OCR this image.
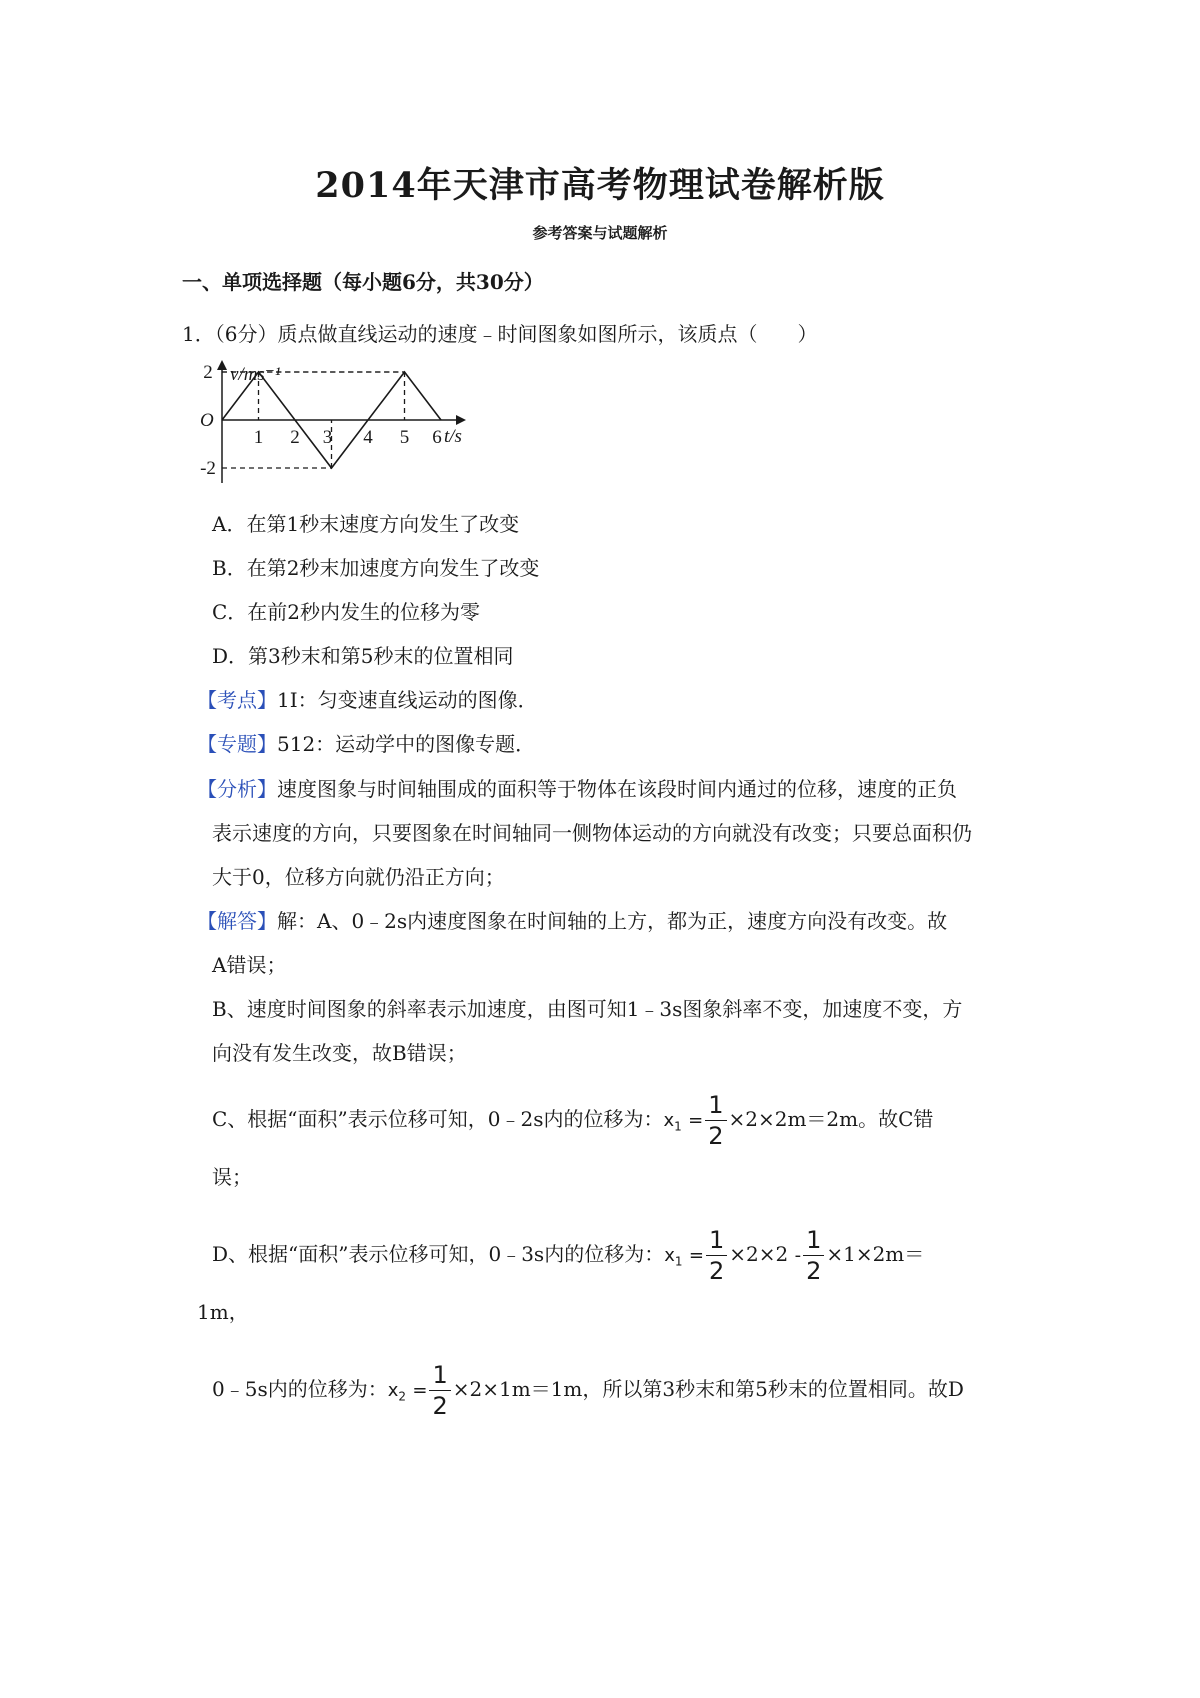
2014年天津市高考物理试卷解析版
参考答案与试题解析
一、单项选择题（每小题6分，共30分）
1．（6分）质点做直线运动的速度﹣时间图象如图所示，该质点（　　）
1 2 3 4 5 6
2
-2
v/ms⁻¹
t/s
O
A．在第1秒末速度方向发生了改变
B．在第2秒末加速度方向发生了改变
C．在前2秒内发生的位移为零
D．第3秒末和第5秒末的位置相同
【考点】1I：匀变速直线运动的图像．
【专题】512：运动学中的图像专题．
【分析】速度图象与时间轴围成的面积等于物体在该段时间内通过的位移，速度的正负
表示速度的方向，只要图象在时间轴同一侧物体运动的方向就没有改变；只要总面积仍
大于0，位移方向就仍沿正方向；
【解答】解：A、0﹣2s内速度图象在时间轴的上方，都为正，速度方向没有改变。故
A错误；
B、速度时间图象的斜率表示加速度，由图可知1﹣3s图象斜率不变，加速度不变，方
向没有发生改变，故B错误；
C、根据“面积”表示位移可知，0﹣2s内的位移为：$x_1 = \frac{1}{2} \times 2\times 2m=2m$。故C错
误；
D、根据“面积”表示位移可知，0﹣3s内的位移为：$x_1 = \frac{1}{2} \times 2\times 2 - \frac{1}{2} \times 1\times 2m=$
1m，
0﹣5s内的位移为：$x_2 = \frac{1}{2} \times 2\times 1m=1m$，所以第3秒末和第5秒末的位置相同。故D
